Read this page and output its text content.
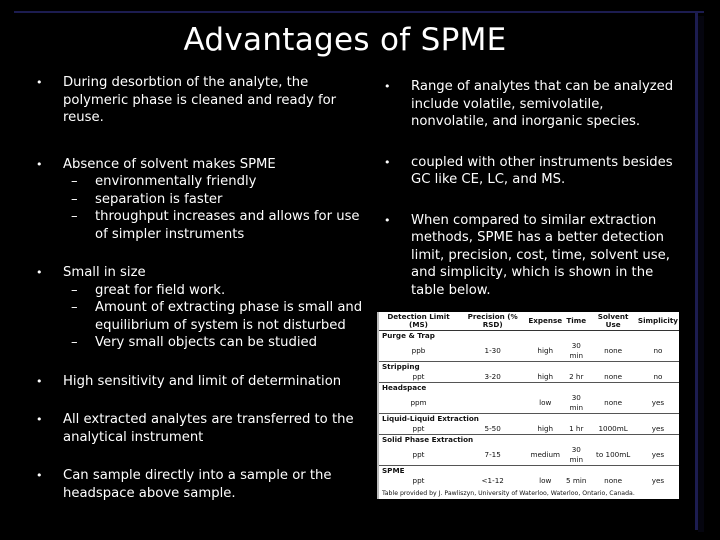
Advantages of SPME
• During desorbtion of the analyte, the polymeric phase is cleaned and ready for reuse.
• Absence of solvent makes SPME
– environmentally friendly
– separation is faster
– throughput increases and allows for use of simpler instruments
• Small in size
– great for field work.
– Amount of extracting phase is small and equilibrium of system is not disturbed
– Very small objects can be studied
• High sensitivity and limit of determination
• All extracted analytes are transferred to the analytical instrument
• Can sample directly into a sample or the headspace above sample.
• Range of analytes that can be analyzed include volatile, semivolatile, nonvolatile, and inorganic species.
• coupled with other instruments besides GC like CE, LC, and MS.
• When compared to similar extraction methods, SPME has a better detection limit, precision, cost, time, solvent use, and simplicity, which is shown in the table below.
Detection Limit (MS)	Precision (% RSD)	Expense	Time	Solvent Use	Simplicity
Purge & Trap					
ppb	1-30	high	30 min	none	no
Stripping					
ppt	3-20	high	2 hr	none	no
Headspace					
ppm		low	30 min	none	yes
Liquid-Liquid Extraction					
ppt	5-50	high	1 hr	1000mL	yes
Solid Phase Extraction					
ppt	7-15	medium	30 min	to 100mL	yes
SPME					
ppt	<1-12	low	5 min	none	yes
Table provided by J. Pawliszyn, University of Waterloo, Waterloo, Ontario, Canada.
